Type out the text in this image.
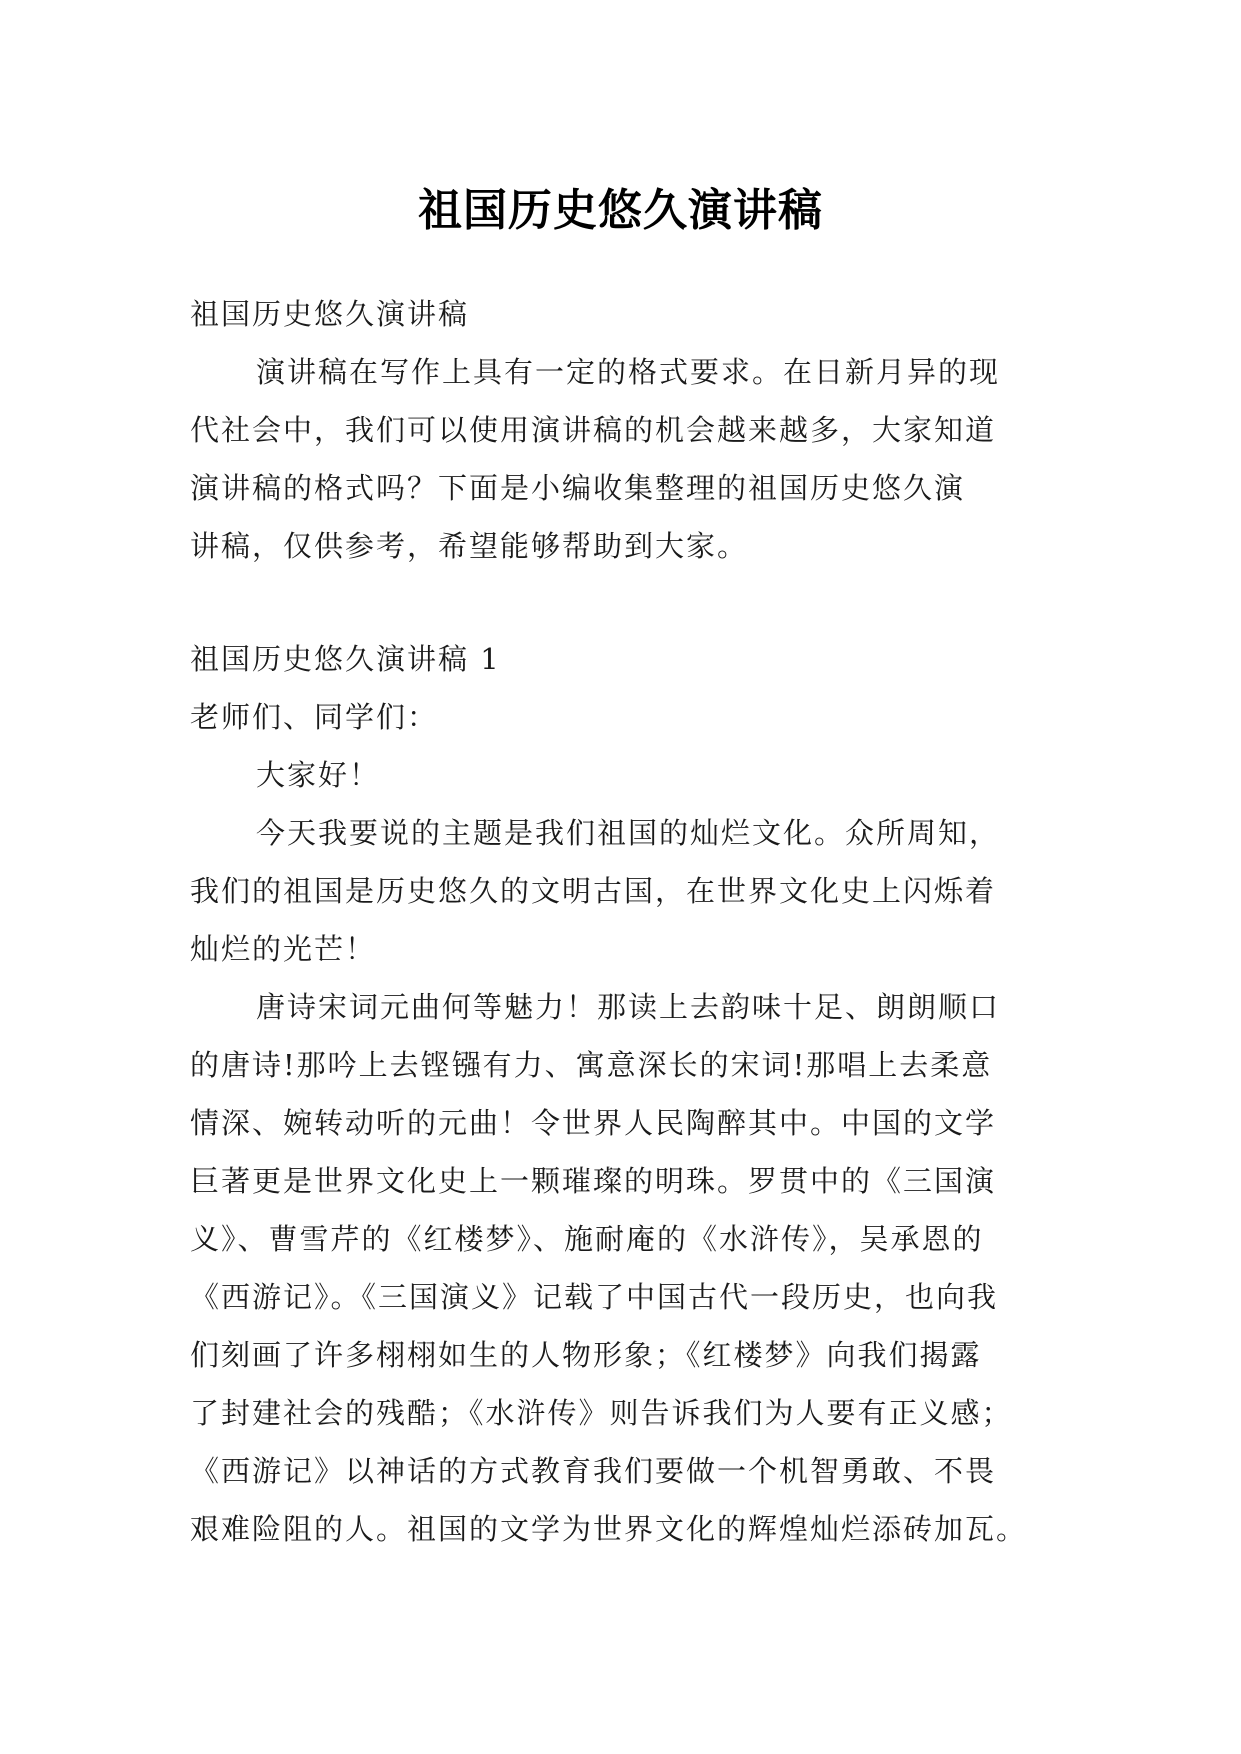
祖国历史悠久演讲稿

祖国历史悠久演讲稿

演讲稿在写作上具有一定的格式要求。在日新月异的现

代社会中，我们可以使用演讲稿的机会越来越多，大家知道

演讲稿的格式吗？下面是小编收集整理的祖国历史悠久演

讲稿，仅供参考，希望能够帮助到大家。

祖国历史悠久演讲稿 1

老师们、同学们：

大家好！

今天我要说的主题是我们祖国的灿烂文化。众所周知，

我们的祖国是历史悠久的文明古国，在世界文化史上闪烁着

灿烂的光芒！

唐诗宋词元曲何等魅力！那读上去韵味十足、朗朗顺口

的唐诗!那吟上去铿镪有力、寓意深长的宋词!那唱上去柔意

情深、婉转动听的元曲！令世界人民陶醉其中。中国的文学

巨著更是世界文化史上一颗璀璨的明珠。罗贯中的《三国演

义》、曹雪芹的《红楼梦》、施耐庵的《水浒传》，吴承恩的

《西游记》。《三国演义》记载了中国古代一段历史，也向我

们刻画了许多栩栩如生的人物形象；《红楼梦》向我们揭露

了封建社会的残酷；《水浒传》则告诉我们为人要有正义感；

《西游记》以神话的方式教育我们要做一个机智勇敢、不畏

艰难险阻的人。祖国的文学为世界文化的辉煌灿烂添砖加瓦。
